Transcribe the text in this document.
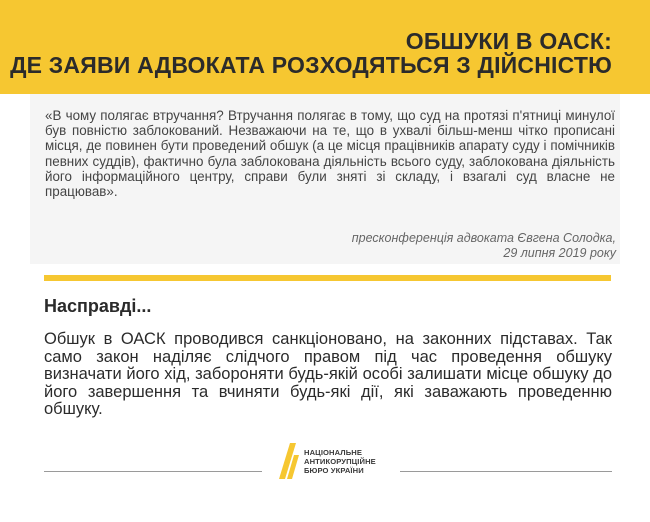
ОБШУКИ В ОАСК:
ДЕ ЗАЯВИ АДВОКАТА РОЗХОДЯТЬСЯ З ДІЙСНІСТЮ
«В чому полягає втручання? Втручання полягає в тому, що суд на протязі п'ятниці минулої був повністю заблокований. Незважаючи на те, що в ухвалі більш-менш чітко прописані місця, де повинен бути проведений обшук (а це місця працівників апарату суду і помічників певних суддів), фактично була заблокована діяльність всього суду, заблокована діяльність його інформаційного центру, справи були зняті зі складу, і взагалі суд власне не працював».
пресконференція адвоката Євгена Солодка,
29 липня 2019 року
Насправді...
Обшук в ОАСК проводився санкціоновано, на законних підставах. Так само закон наділяє слідчого правом під час проведення обшуку визначати його хід, забороняти будь-якій особі залишати місце обшуку до його завершення та вчиняти будь-які дії, які заважають проведенню обшуку.
НАЦІОНАЛЬНЕ
АНТИКОРУПЦІЙНЕ
БЮРО УКРАЇНИ
